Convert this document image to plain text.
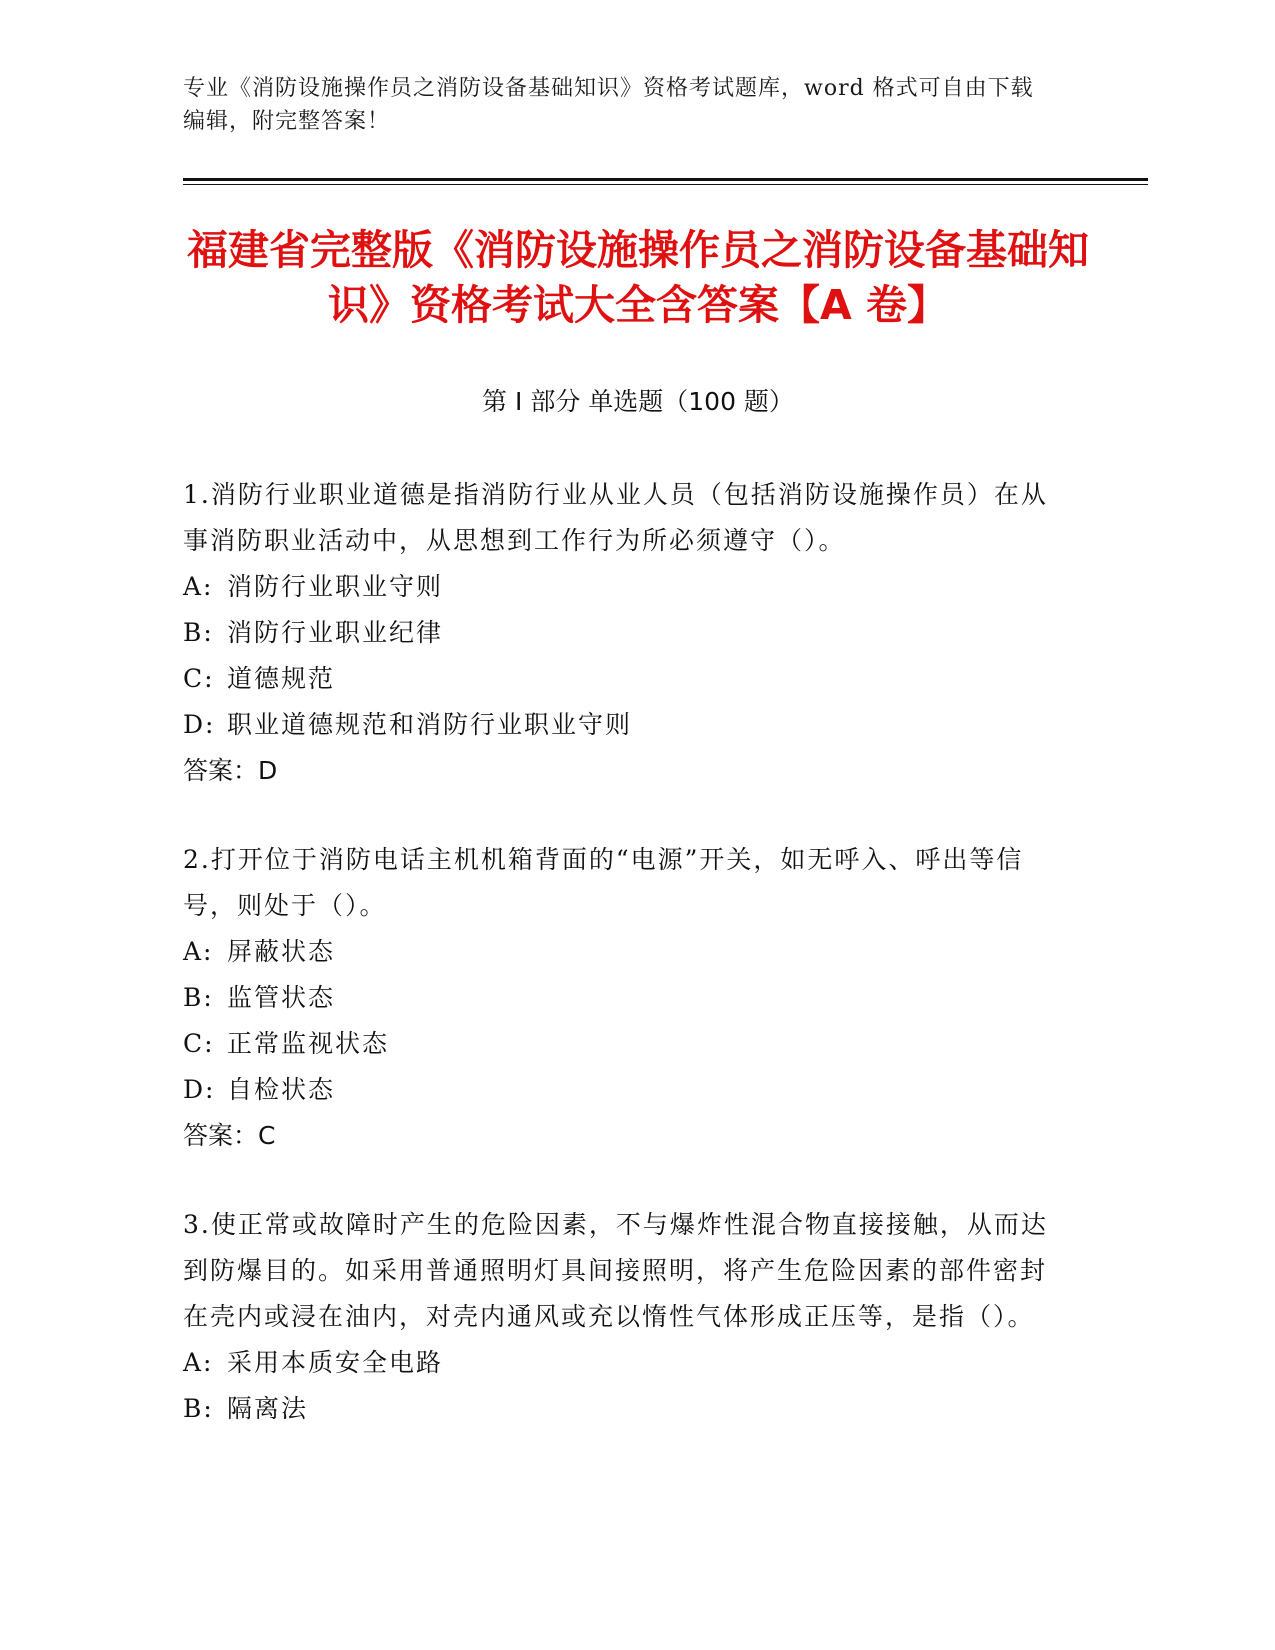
专业《消防设施操作员之消防设备基础知识》资格考试题库，word 格式可自由下载编辑，附完整答案！
福建省完整版《消防设施操作员之消防设备基础知识》资格考试大全含答案【A 卷】
第 I 部分 单选题（100 题）

1.消防行业职业道德是指消防行业从业人员（包括消防设施操作员）在从事消防职业活动中，从思想到工作行为所必须遵守（）。

A: 消防行业职业守则

B: 消防行业职业纪律

C: 道德规范

D: 职业道德规范和消防行业职业守则

答案：D

2.打开位于消防电话主机机箱背面的“电源”开关，如无呼入、呼出等信号，则处于（）。

A: 屏蔽状态

B: 监管状态

C: 正常监视状态

D: 自检状态

答案：C

3.使正常或故障时产生的危险因素，不与爆炸性混合物直接接触，从而达到防爆目的。如采用普通照明灯具间接照明，将产生危险因素的部件密封在壳内或浸在油内，对壳内通风或充以惰性气体形成正压等，是指（）。

A: 采用本质安全电路

B: 隔离法
